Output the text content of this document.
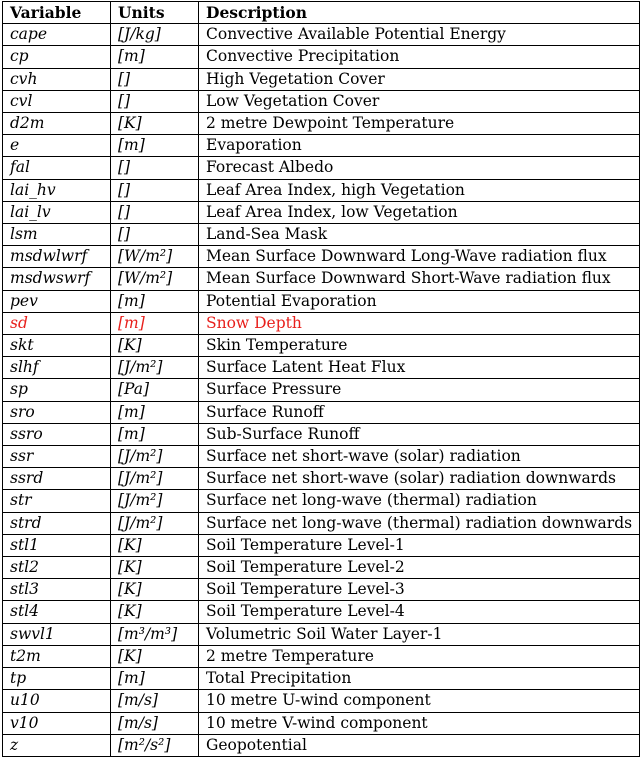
Variable	Units	Description
cape	[J/kg]	Convective Available Potential Energy
cp	[m]	Convective Precipitation
cvh	[]	High Vegetation Cover
cvl	[]	Low Vegetation Cover
d2m	[K]	2 metre Dewpoint Temperature
e	[m]	Evaporation
fal	[]	Forecast Albedo
lai_hv	[]	Leaf Area Index, high Vegetation
lai_lv	[]	Leaf Area Index, low Vegetation
lsm	[]	Land-Sea Mask
msdwlwrf	[W/m²]	Mean Surface Downward Long-Wave radiation flux
msdwswrf	[W/m²]	Mean Surface Downward Short-Wave radiation flux
pev	[m]	Potential Evaporation
sd	[m]	Snow Depth
skt	[K]	Skin Temperature
slhf	[J/m²]	Surface Latent Heat Flux
sp	[Pa]	Surface Pressure
sro	[m]	Surface Runoff
ssro	[m]	Sub-Surface Runoff
ssr	[J/m²]	Surface net short-wave (solar) radiation
ssrd	[J/m²]	Surface net short-wave (solar) radiation downwards
str	[J/m²]	Surface net long-wave (thermal) radiation
strd	[J/m²]	Surface net long-wave (thermal) radiation downwards
stl1	[K]	Soil Temperature Level-1
stl2	[K]	Soil Temperature Level-2
stl3	[K]	Soil Temperature Level-3
stl4	[K]	Soil Temperature Level-4
swvl1	[m³/m³]	Volumetric Soil Water Layer-1
t2m	[K]	2 metre Temperature
tp	[m]	Total Precipitation
u10	[m/s]	10 metre U-wind component
v10	[m/s]	10 metre V-wind component
z	[m²/s²]	Geopotential
